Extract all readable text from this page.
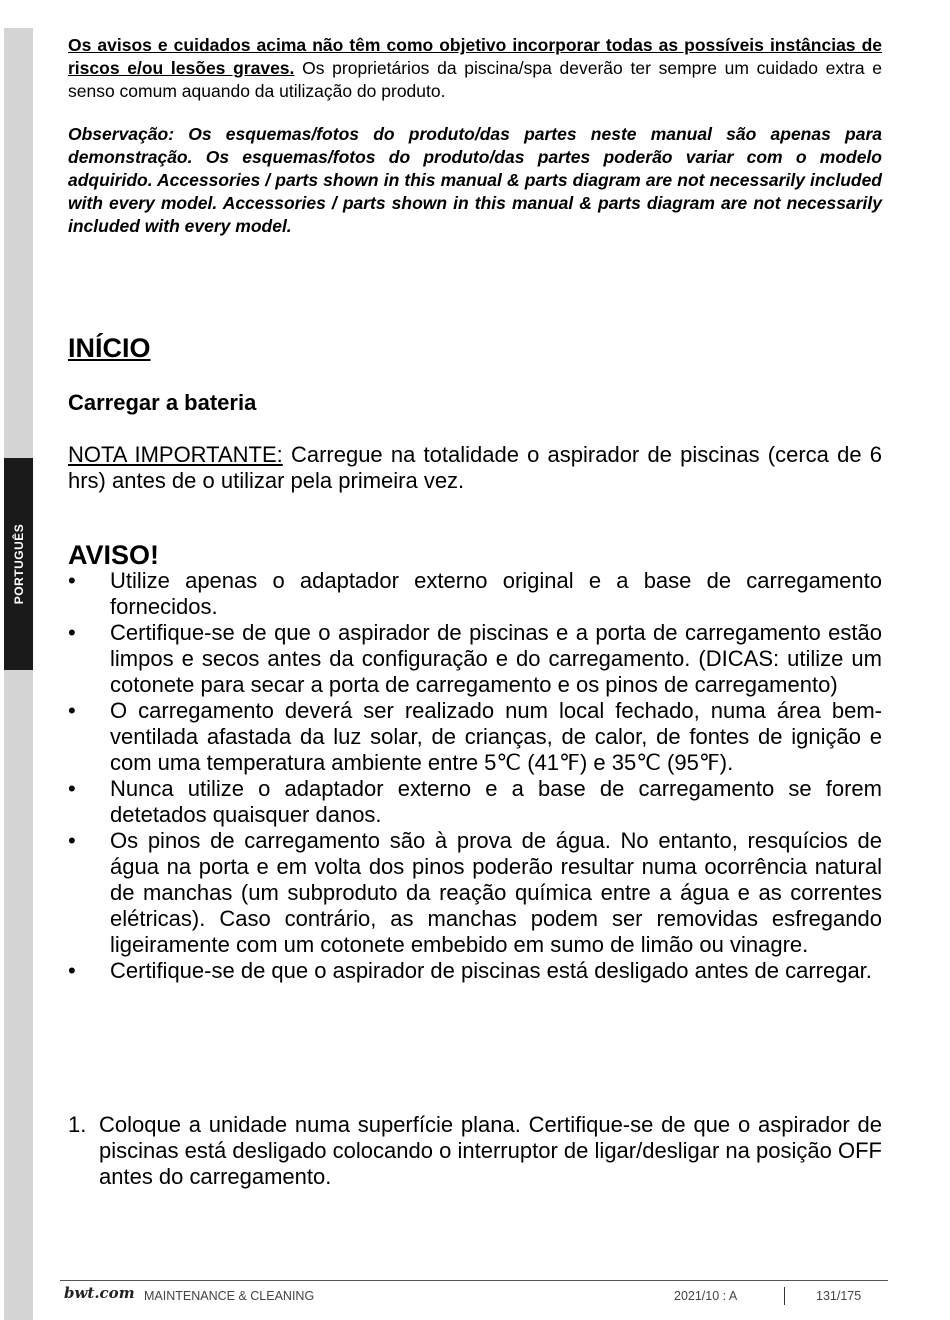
PORTUGUÊS

Os avisos e cuidados acima não têm como objetivo incorporar todas as possíveis instâncias de riscos e/ou lesões graves. Os proprietários da piscina/spa deverão ter sempre um cuidado extra e senso comum aquando da utilização do produto.

Observação: Os esquemas/fotos do produto/das partes neste manual são apenas para demonstração. Os esquemas/fotos do produto/das partes poderão variar com o modelo adquirido. Accessories / parts shown in this manual & parts diagram are not necessarily included with every model. Accessories / parts shown in this manual & parts diagram are not necessarily included with every model.

INÍCIO
Carregar a bateria

NOTA IMPORTANTE: Carregue na totalidade o aspirador de piscinas (cerca de 6 hrs) antes de o utilizar pela primeira vez.

AVISO!
• Utilize apenas o adaptador externo original e a base de carregamento fornecidos.
• Certifique-se de que o aspirador de piscinas e a porta de carregamento estão limpos e secos antes da configuração e do carregamento. (DICAS: utilize um cotonete para secar a porta de carregamento e os pinos de carregamento)
• O carregamento deverá ser realizado num local fechado, numa área bem-ventilada afastada da luz solar, de crianças, de calor, de fontes de ignição e com uma temperatura ambiente entre 5℃ (41℉) e 35℃ (95℉).
• Nunca utilize o adaptador externo e a base de carregamento se forem detetados quaisquer danos.
• Os pinos de carregamento são à prova de água. No entanto, resquícios de água na porta e em volta dos pinos poderão resultar numa ocorrência natural de manchas (um subproduto da reação química entre a água e as correntes elétricas). Caso contrário, as manchas podem ser removidas esfregando ligeiramente com um cotonete embebido em sumo de limão ou vinagre.
• Certifique-se de que o aspirador de piscinas está desligado antes de carregar.
1. Coloque a unidade numa superfície plana. Certifique-se de que o aspirador de piscinas está desligado colocando o interruptor de ligar/desligar na posição OFF antes do carregamento.
bwt.com MAINTENANCE & CLEANING	2021/10 : A	131/175
